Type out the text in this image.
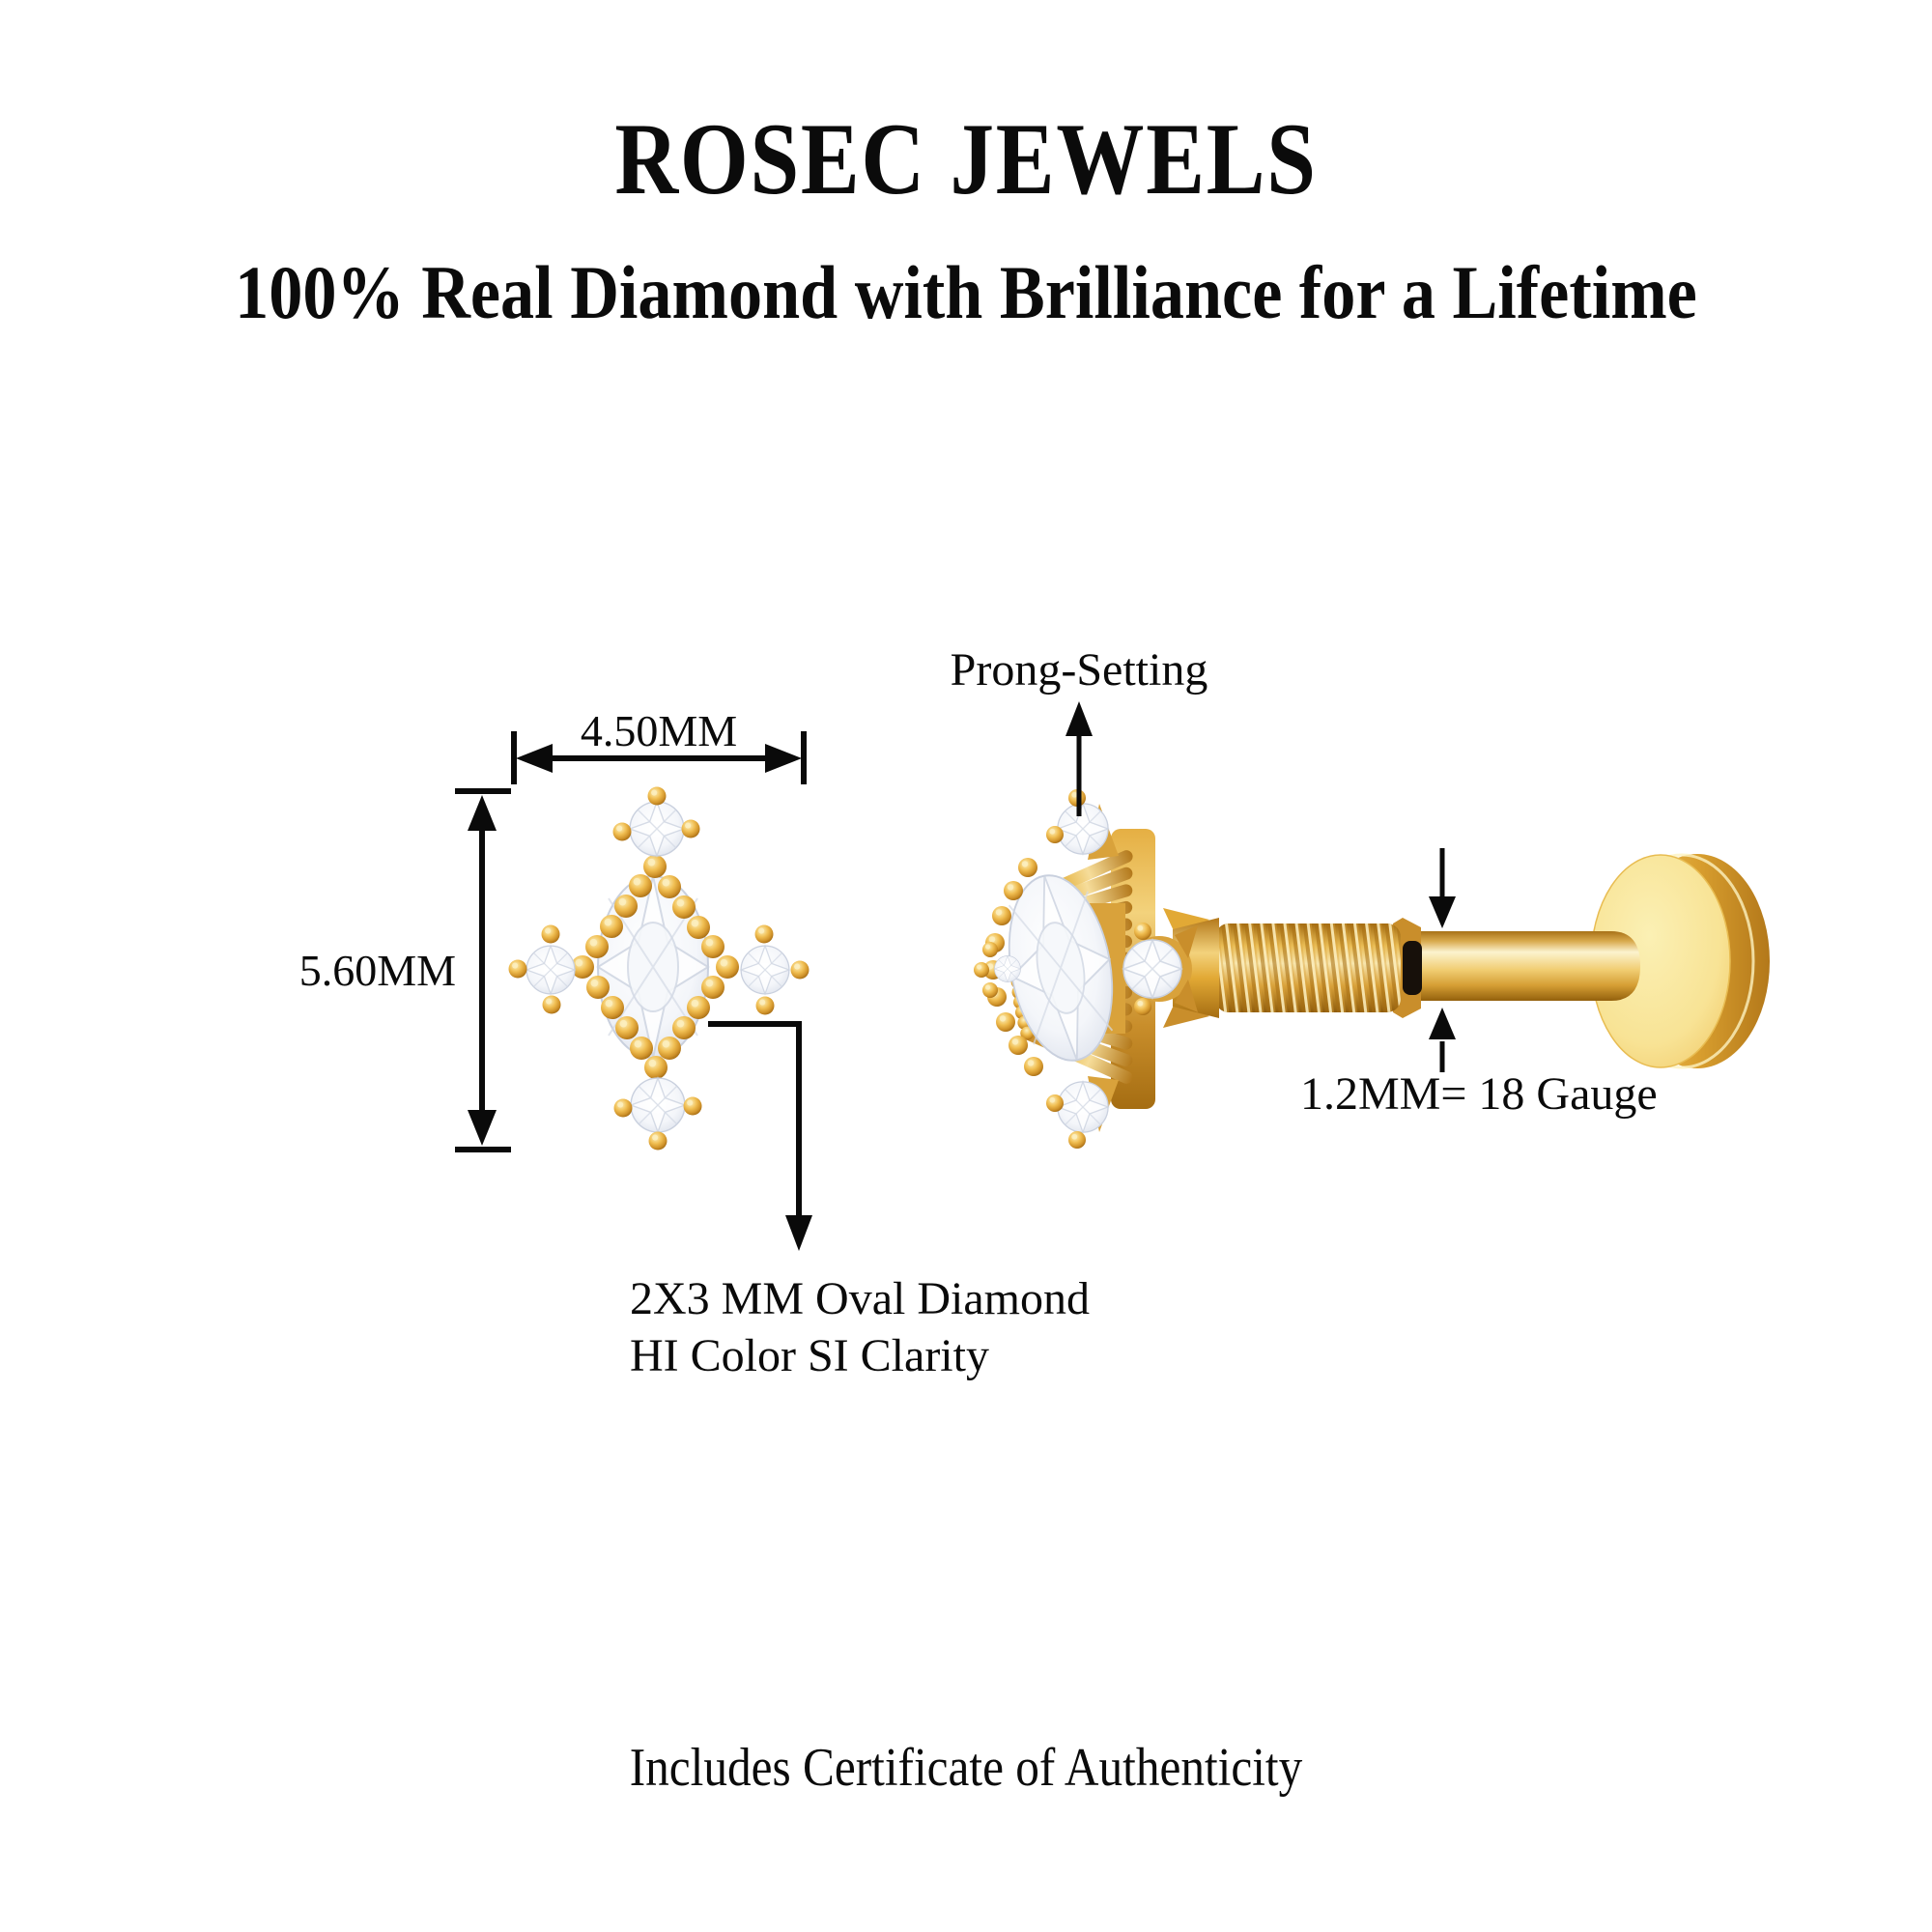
ROSEC JEWELS
100% Real Diamond with Brilliance for a Lifetime
4.50MM
5.60MM
Prong-Setting
2X3 MM Oval Diamond
HI Color SI Clarity
1.2MM= 18 Gauge
Includes Certificate of Authenticity
